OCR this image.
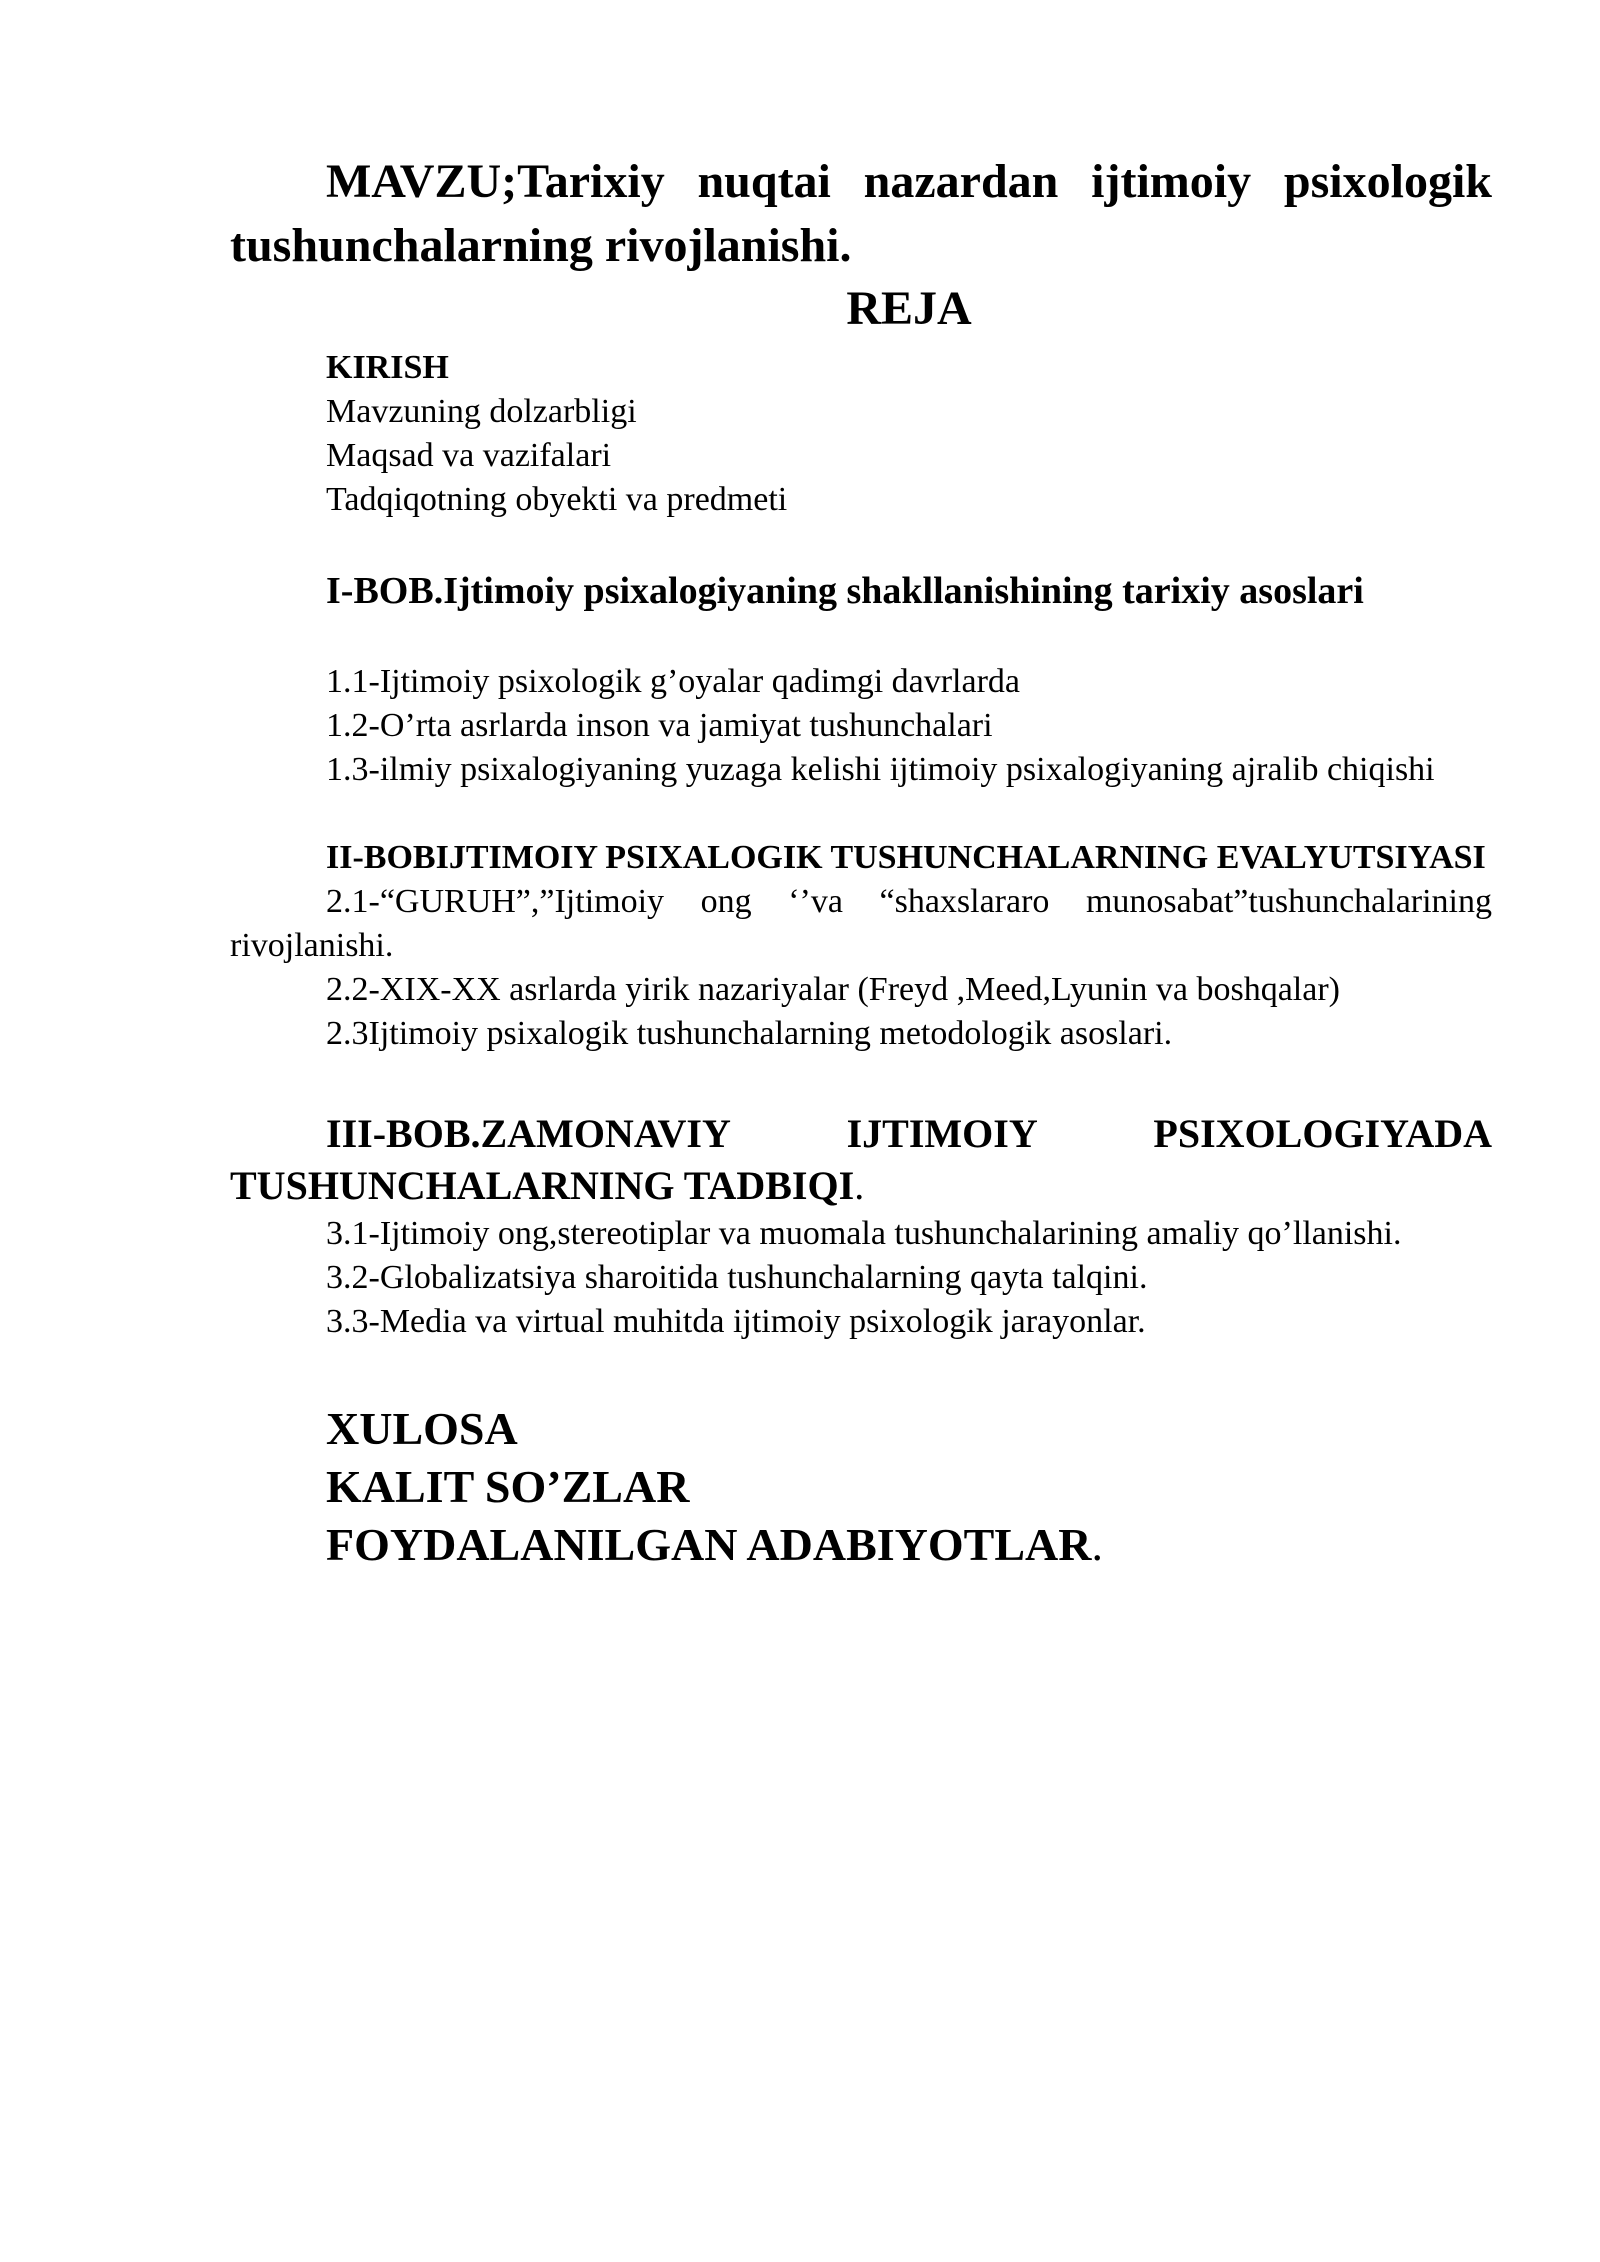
MAVZU;Tarixiy nuqtai nazardan ijtimoiy psixologik tushunchalarning rivojlanishi.

REJA

KIRISH

Mavzuning dolzarbligi

Maqsad va vazifalari

Tadqiqotning obyekti va predmeti

I-BOB.Ijtimoiy psixalogiyaning shakllanishining tarixiy asoslari

1.1-Ijtimoiy psixologik g’oyalar qadimgi davrlarda

1.2-O’rta asrlarda inson va jamiyat tushunchalari

1.3-ilmiy psixalogiyaning yuzaga kelishi ijtimoiy psixalogiyaning ajralib chiqishi

II-BOBIJTIMOIY PSIXALOGIK TUSHUNCHALARNING EVALYUTSIYASI

2.1-“GURUH”,”Ijtimoiy ong ‘’va “shaxslararo munosabat”tushunchalarining rivojlanishi.

2.2-XIX-XX asrlarda yirik nazariyalar (Freyd ,Meed,Lyunin va boshqalar)

2.3Ijtimoiy psixalogik tushunchalarning metodologik asoslari.

III-BOB.ZAMONAVIY IJTIMOIY PSIXOLOGIYADA TUSHUNCHALARNING TADBIQI.

3.1-Ijtimoiy ong,stereotiplar va muomala tushunchalarining amaliy qo’llanishi.

3.2-Globalizatsiya sharoitida tushunchalarning qayta talqini.

3.3-Media va virtual muhitda ijtimoiy psixologik jarayonlar.

XULOSA

KALIT SO’ZLAR

FOYDALANILGAN ADABIYOTLAR.
